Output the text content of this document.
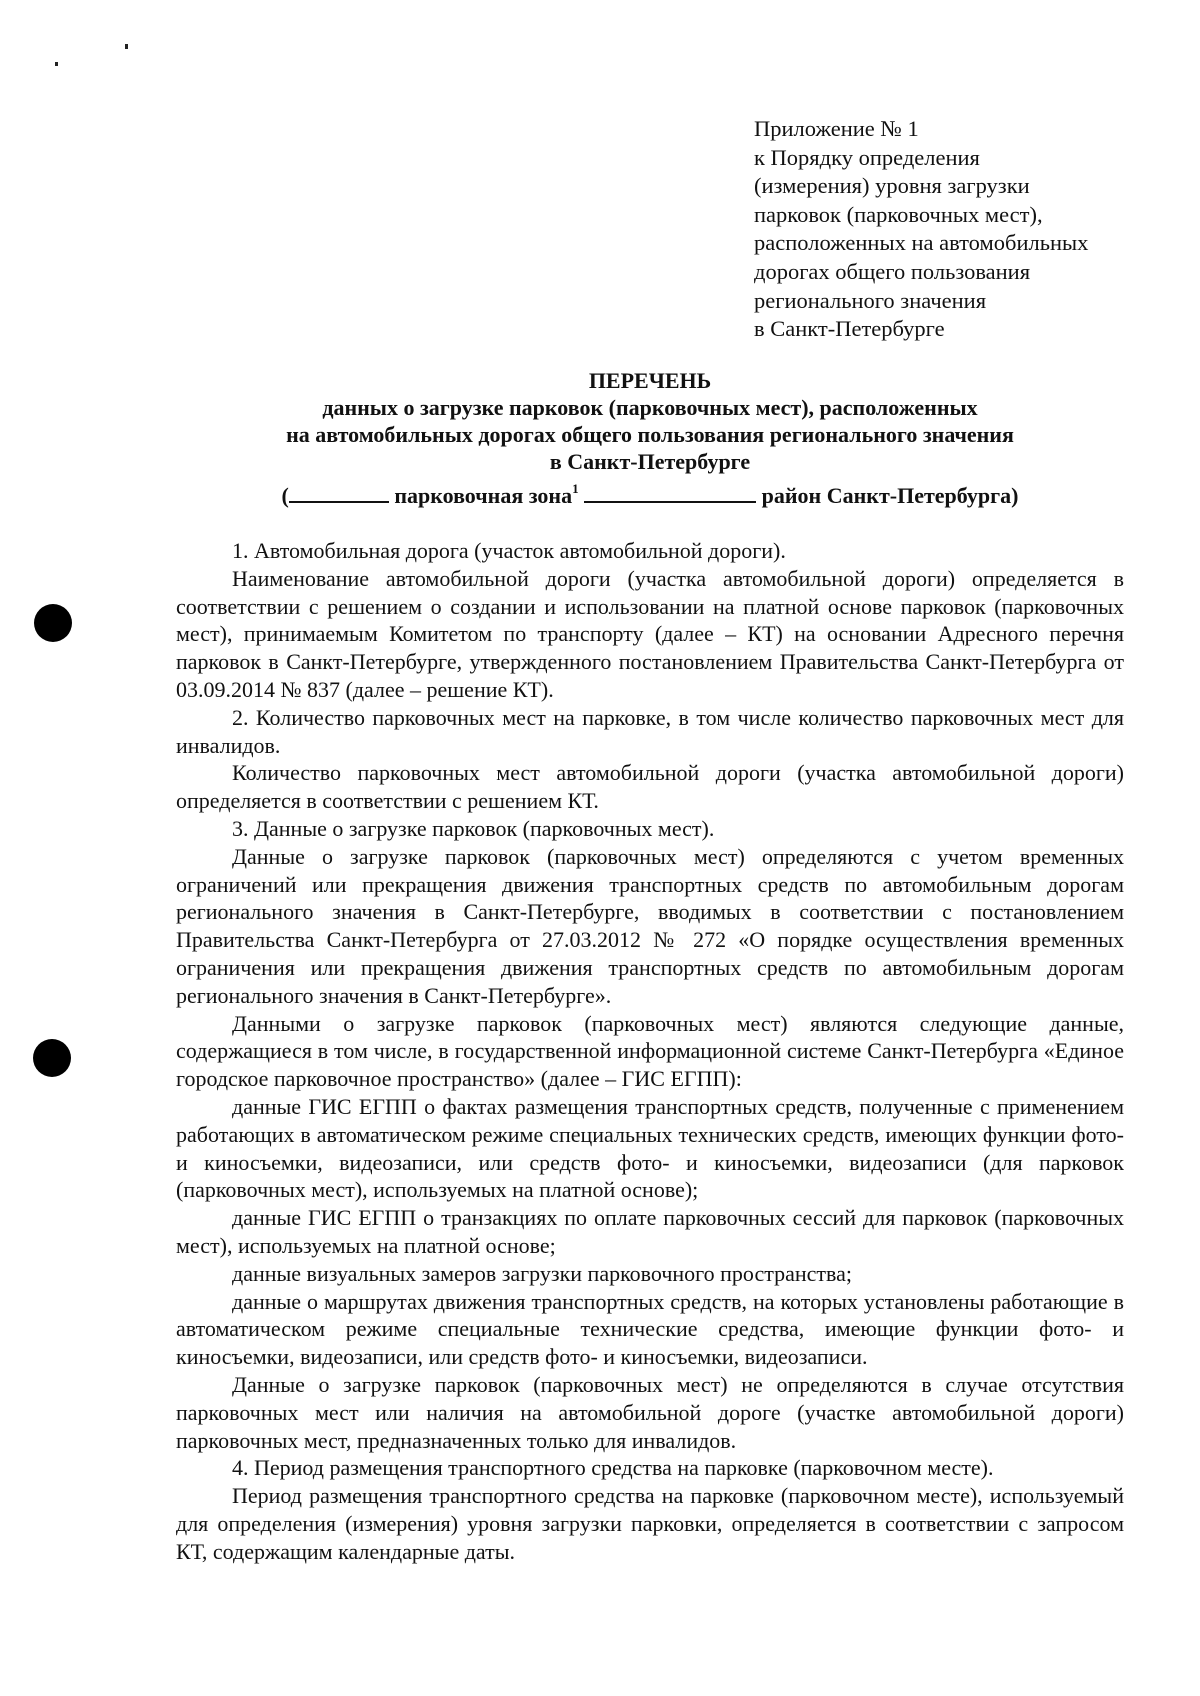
Приложение № 1
к Порядку определения
(измерения) уровня загрузки
парковок (парковочных мест),
расположенных на автомобильных
дорогах общего пользования
регионального значения
в Санкт-Петербурге
ПЕРЕЧЕНЬ
данных о загрузке парковок (парковочных мест), расположенных
на автомобильных дорогах общего пользования регионального значения
в Санкт-Петербурге
(	парковочная зона$^1$	район Санкт-Петербурга)

1. Автомобильная дорога (участок автомобильной дороги).

Наименование автомобильной дороги (участка автомобильной дороги) определяется в соответствии с решением о создании и использовании на платной основе парковок (парковочных мест), принимаемым Комитетом по транспорту (далее – КТ) на основании Адресного перечня парковок в Санкт-Петербурге, утвержденного постановлением Правительства Санкт-Петербурга от 03.09.2014 № 837 (далее – решение КТ).

2. Количество парковочных мест на парковке, в том числе количество парковочных мест для инвалидов.

Количество парковочных мест автомобильной дороги (участка автомобильной дороги) определяется в соответствии с решением КТ.

3. Данные о загрузке парковок (парковочных мест).

Данные о загрузке парковок (парковочных мест) определяются с учетом временных ограничений или прекращения движения транспортных средств по автомобильным дорогам регионального значения в Санкт-Петербурге, вводимых в соответствии с постановлением Правительства Санкт-Петербурга от 27.03.2012 № 272 «О порядке осуществления временных ограничения или прекращения движения транспортных средств по автомобильным дорогам регионального значения в Санкт-Петербурге».

Данными о загрузке парковок (парковочных мест) являются следующие данные, содержащиеся в том числе, в государственной информационной системе Санкт-Петербурга «Единое городское парковочное пространство» (далее – ГИС ЕГПП):

данные ГИС ЕГПП о фактах размещения транспортных средств, полученные с применением работающих в автоматическом режиме специальных технических средств, имеющих функции фото- и киносъемки, видеозаписи, или средств фото- и киносъемки, видеозаписи (для парковок (парковочных мест), используемых на платной основе);

данные ГИС ЕГПП о транзакциях по оплате парковочных сессий для парковок (парковочных мест), используемых на платной основе;

данные визуальных замеров загрузки парковочного пространства;

данные о маршрутах движения транспортных средств, на которых установлены работающие в автоматическом режиме специальные технические средства, имеющие функции фото- и киносъемки, видеозаписи, или средств фото- и киносъемки, видеозаписи.

Данные о загрузке парковок (парковочных мест) не определяются в случае отсутствия парковочных мест или наличия на автомобильной дороге (участке автомобильной дороги) парковочных мест, предназначенных только для инвалидов.

4. Период размещения транспортного средства на парковке (парковочном месте).

Период размещения транспортного средства на парковке (парковочном месте), используемый для определения (измерения) уровня загрузки парковки, определяется в соответствии с запросом КТ, содержащим календарные даты.
